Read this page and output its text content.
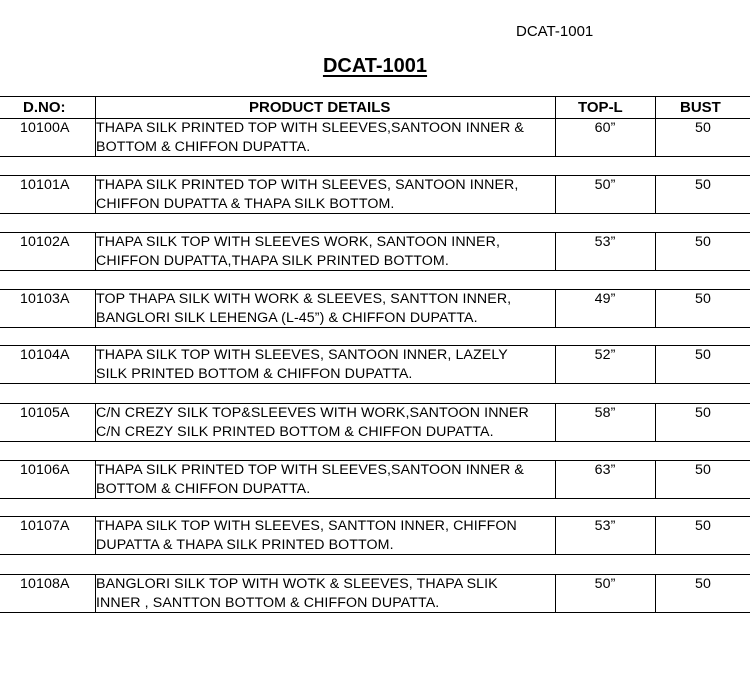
DCAT-1001
DCAT-1001
D.NO:	PRODUCT DETAILS	TOP-L	BUST
10100A THAPA SILK PRINTED TOP WITH SLEEVES,SANTOON INNER &
BOTTOM & CHIFFON DUPATTA.
60”	50
10101A THAPA SILK PRINTED TOP WITH SLEEVES, SANTOON INNER,
CHIFFON DUPATTA & THAPA SILK BOTTOM.
50”	50
10102A THAPA SILK TOP WITH SLEEVES WORK, SANTOON INNER,
CHIFFON DUPATTA,THAPA SILK PRINTED BOTTOM.
53”	50
10103A TOP THAPA SILK WITH WORK & SLEEVES, SANTTON INNER,
BANGLORI SILK LEHENGA (L-45”) & CHIFFON DUPATTA.
49”	50
10104A THAPA SILK TOP WITH SLEEVES, SANTOON INNER, LAZELY
SILK PRINTED BOTTOM & CHIFFON DUPATTA.
52”	50
10105A C/N CREZY SILK TOP&SLEEVES WITH WORK,SANTOON INNER
C/N CREZY SILK PRINTED BOTTOM & CHIFFON DUPATTA.
58”	50
10106A THAPA SILK PRINTED TOP WITH SLEEVES,SANTOON INNER &
BOTTOM & CHIFFON DUPATTA.
63”	50
10107A THAPA SILK TOP WITH SLEEVES, SANTTON INNER, CHIFFON
DUPATTA & THAPA SILK PRINTED BOTTOM.
53”	50
10108A BANGLORI SILK TOP WITH WOTK & SLEEVES, THAPA SLIK
INNER , SANTTON BOTTOM & CHIFFON DUPATTA.
50”	50
